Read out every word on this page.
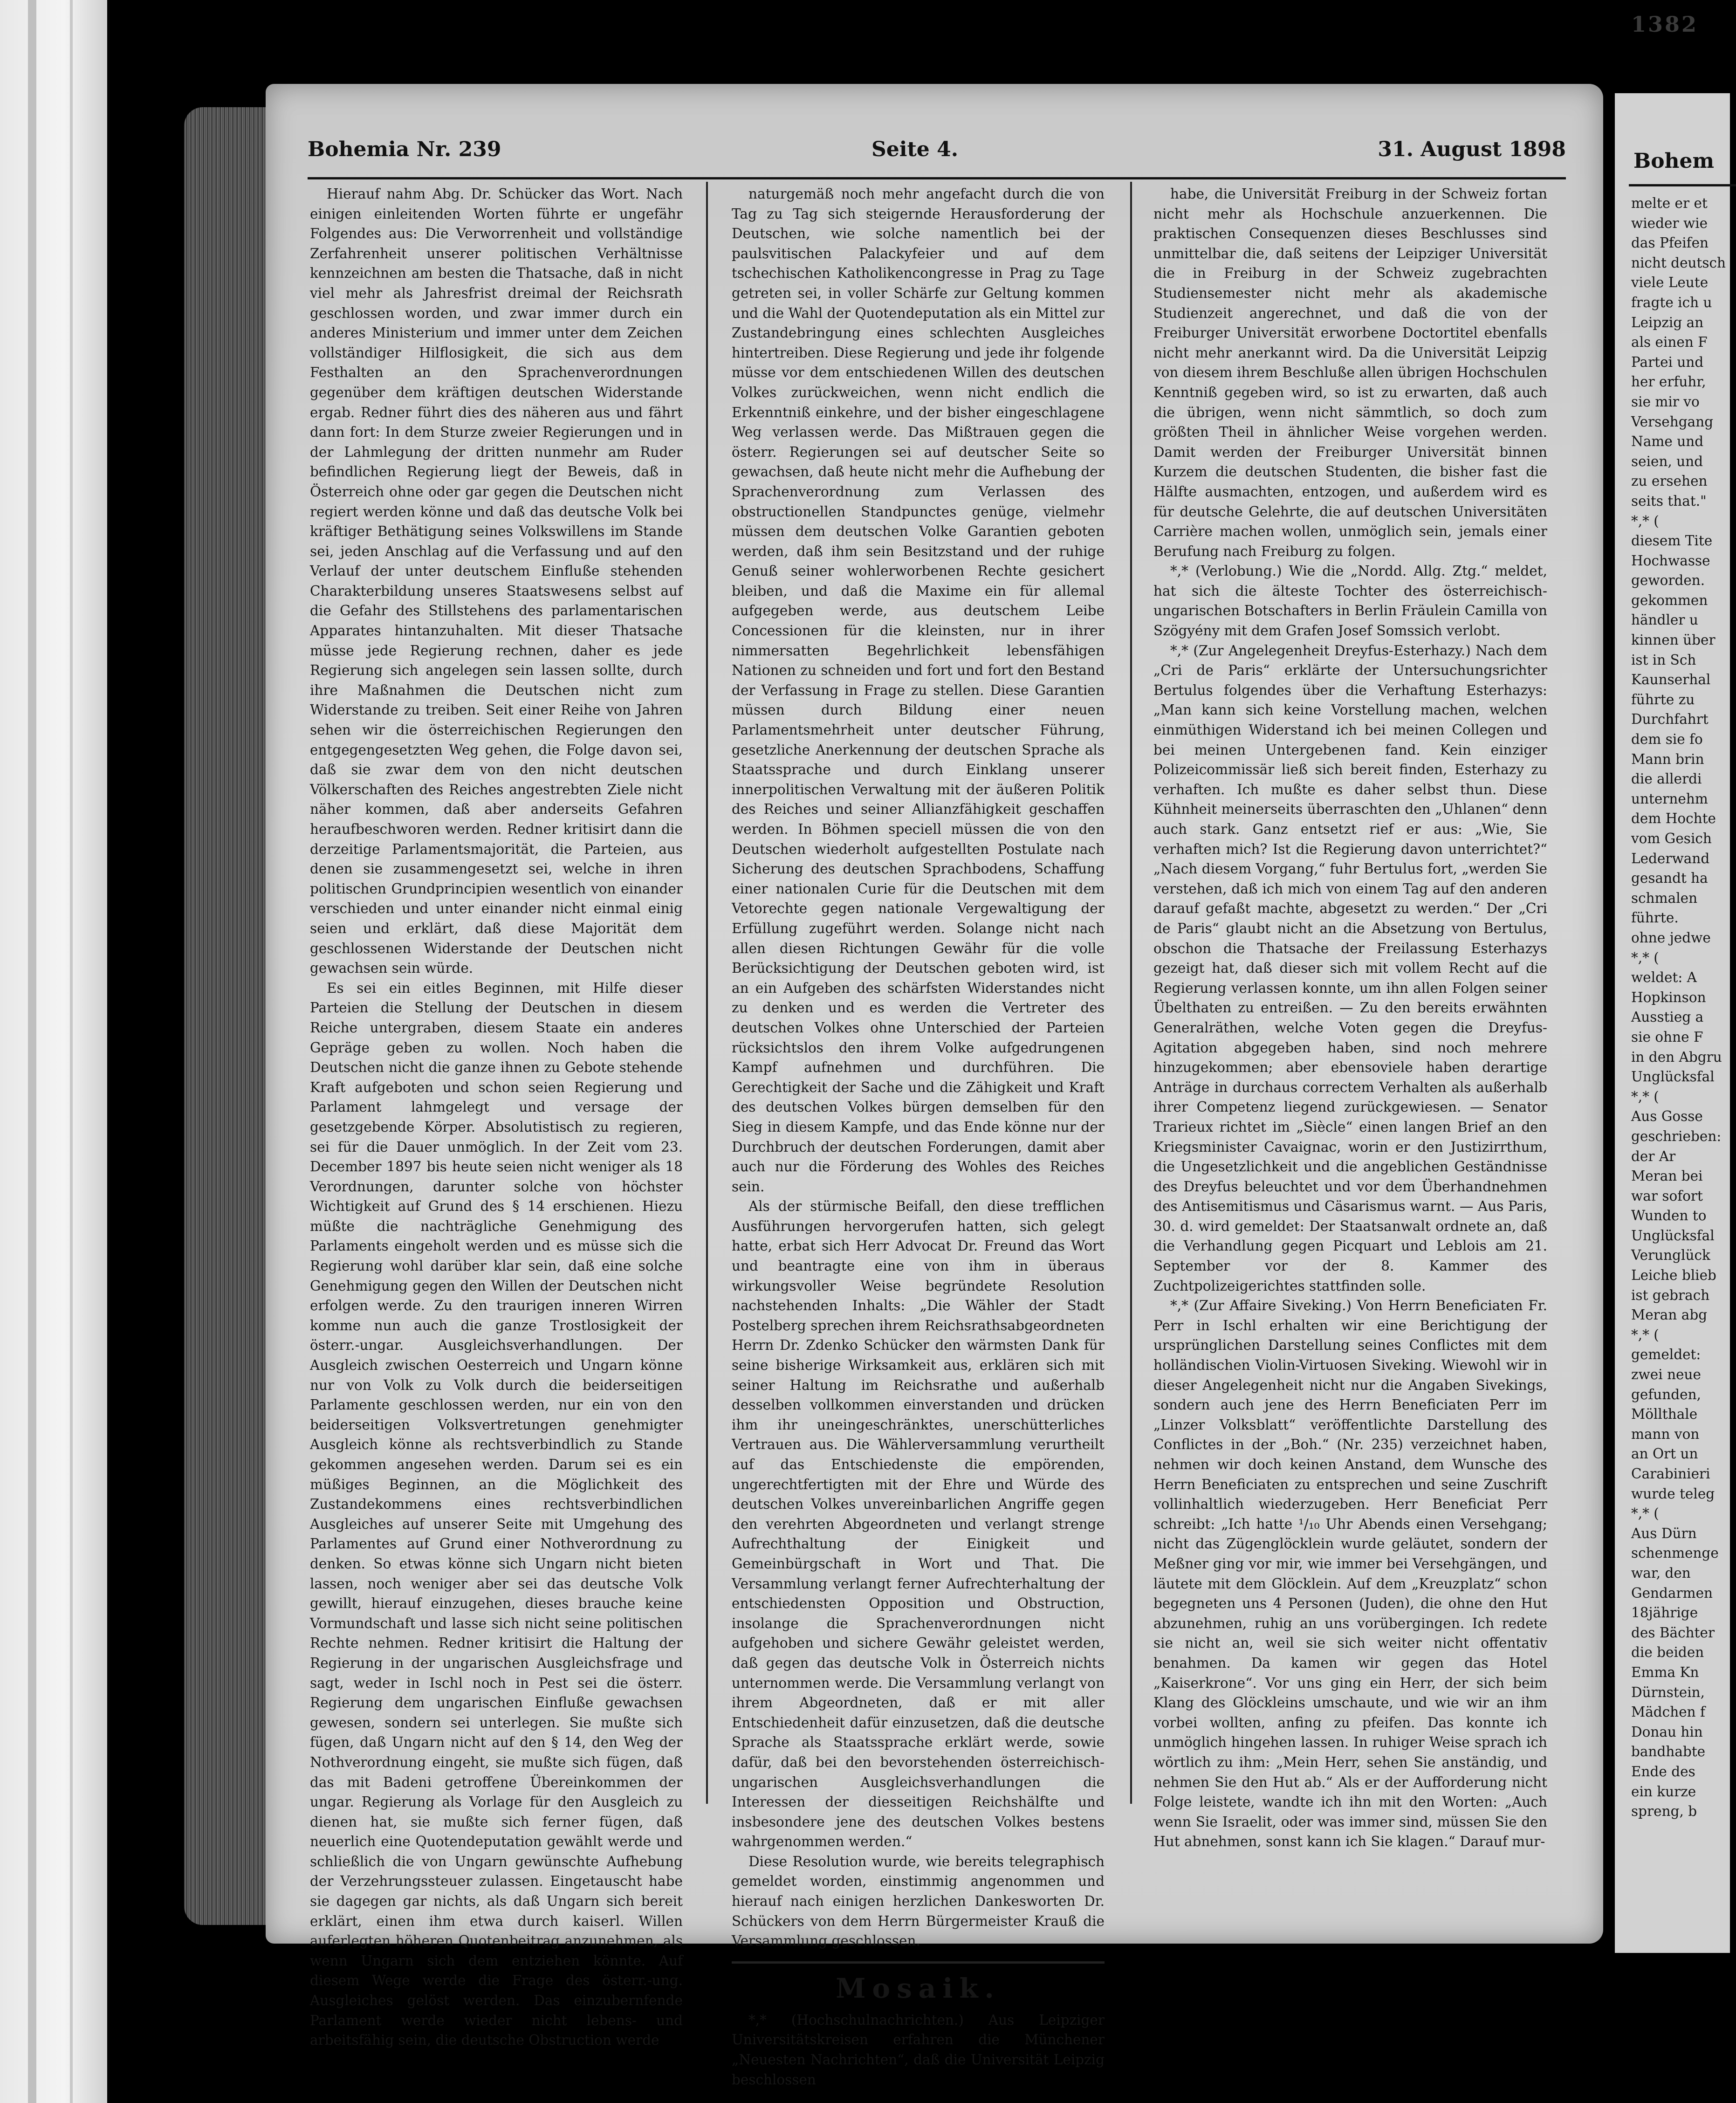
1382
Bohemia Nr. 239	Seite 4.	31. August 1898

Hierauf nahm Abg. Dr. Schücker das Wort. Nach einigen einleitenden Worten führte er ungefähr Folgendes aus: Die Verworrenheit und vollständige Zerfahrenheit unserer politischen Verhältnisse kennzeichnen am besten die Thatsache, daß in nicht viel mehr als Jahresfrist dreimal der Reichsrath geschlossen worden, und zwar immer durch ein anderes Ministerium und immer unter dem Zeichen vollständiger Hilflosigkeit, die sich aus dem Festhalten an den Sprachenverordnungen gegenüber dem kräftigen deutschen Widerstande ergab. Redner führt dies des näheren aus und fährt dann fort: In dem Sturze zweier Regierungen und in der Lahmlegung der dritten nunmehr am Ruder befindlichen Regierung liegt der Beweis, daß in Österreich ohne oder gar gegen die Deutschen nicht regiert werden könne und daß das deutsche Volk bei kräftiger Bethätigung seines Volkswillens im Stande sei, jeden Anschlag auf die Verfassung und auf den Verlauf der unter deutschem Einfluße stehenden Charakterbildung unseres Staatswesens selbst auf die Gefahr des Stillstehens des parlamentarischen Apparates hintanzuhalten. Mit dieser Thatsache müsse jede Regierung rechnen, daher es jede Regierung sich angelegen sein lassen sollte, durch ihre Maßnahmen die Deutschen nicht zum Widerstande zu treiben. Seit einer Reihe von Jahren sehen wir die österreichischen Regierungen den entgegengesetzten Weg gehen, die Folge davon sei, daß sie zwar dem von den nicht deutschen Völkerschaften des Reiches angestrebten Ziele nicht näher kommen, daß aber anderseits Gefahren heraufbeschworen werden. Redner kritisirt dann die derzeitige Parlamentsmajorität, die Parteien, aus denen sie zusammengesetzt sei, welche in ihren politischen Grundprincipien wesentlich von einander verschieden und unter einander nicht einmal einig seien und erklärt, daß diese Majorität dem geschlossenen Widerstande der Deutschen nicht gewachsen sein würde.

Es sei ein eitles Beginnen, mit Hilfe dieser Parteien die Stellung der Deutschen in diesem Reiche untergraben, diesem Staate ein anderes Gepräge geben zu wollen. Noch haben die Deutschen nicht die ganze ihnen zu Gebote stehende Kraft aufgeboten und schon seien Regierung und Parlament lahmgelegt und versage der gesetzgebende Körper. Absolutistisch zu regieren, sei für die Dauer unmöglich. In der Zeit vom 23. December 1897 bis heute seien nicht weniger als 18 Verordnungen, darunter solche von höchster Wichtigkeit auf Grund des § 14 erschienen. Hiezu müßte die nachträgliche Genehmigung des Parlaments eingeholt werden und es müsse sich die Regierung wohl darüber klar sein, daß eine solche Genehmigung gegen den Willen der Deutschen nicht erfolgen werde. Zu den traurigen inneren Wirren komme nun auch die ganze Trostlosigkeit der österr.-ungar. Ausgleichsverhandlungen. Der Ausgleich zwischen Oesterreich und Ungarn könne nur von Volk zu Volk durch die beiderseitigen Parlamente geschlossen werden, nur ein von den beiderseitigen Volksvertretungen genehmigter Ausgleich könne als rechtsverbindlich zu Stande gekommen angesehen werden. Darum sei es ein müßiges Beginnen, an die Möglichkeit des Zustandekommens eines rechtsverbindlichen Ausgleiches auf unserer Seite mit Umgehung des Parlamentes auf Grund einer Nothverordnung zu denken. So etwas könne sich Ungarn nicht bieten lassen, noch weniger aber sei das deutsche Volk gewillt, hierauf einzugehen, dieses brauche keine Vormundschaft und lasse sich nicht seine politischen Rechte nehmen. Redner kritisirt die Haltung der Regierung in der ungarischen Ausgleichsfrage und sagt, weder in Ischl noch in Pest sei die österr. Regierung dem ungarischen Einfluße gewachsen gewesen, sondern sei unterlegen. Sie mußte sich fügen, daß Ungarn nicht auf den § 14, den Weg der Nothverordnung eingeht, sie mußte sich fügen, daß das mit Badeni getroffene Übereinkommen der ungar. Regierung als Vorlage für den Ausgleich zu dienen hat, sie mußte sich ferner fügen, daß neuerlich eine Quotendeputation gewählt werde und schließlich die von Ungarn gewünschte Aufhebung der Verzehrungssteuer zulassen. Eingetauscht habe sie dagegen gar nichts, als daß Ungarn sich bereit erklärt, einen ihm etwa durch kaiserl. Willen auferlegten höheren Quotenbeitrag anzunehmen, als wenn Ungarn sich dem entziehen könnte. Auf diesem Wege werde die Frage des österr.-ung. Ausgleiches gelöst werden. Das einzubernfende Parlament werde wieder nicht lebens- und arbeitsfähig sein, die deutsche Obstruction werde

naturgemäß noch mehr angefacht durch die von Tag zu Tag sich steigernde Herausforderung der Deutschen, wie solche namentlich bei der paulsvitischen Palackyfeier und auf dem tschechischen Katholikencongresse in Prag zu Tage getreten sei, in voller Schärfe zur Geltung kommen und die Wahl der Quotendeputation als ein Mittel zur Zustandebringung eines schlechten Ausgleiches hintertreiben. Diese Regierung und jede ihr folgende müsse vor dem entschiedenen Willen des deutschen Volkes zurückweichen, wenn nicht endlich die Erkenntniß einkehre, und der bisher eingeschlagene Weg verlassen werde. Das Mißtrauen gegen die österr. Regierungen sei auf deutscher Seite so gewachsen, daß heute nicht mehr die Aufhebung der Sprachenverordnung zum Verlassen des obstructionellen Standpunctes genüge, vielmehr müssen dem deutschen Volke Garantien geboten werden, daß ihm sein Besitzstand und der ruhige Genuß seiner wohlerworbenen Rechte gesichert bleiben, und daß die Maxime ein für allemal aufgegeben werde, aus deutschem Leibe Concessionen für die kleinsten, nur in ihrer nimmersatten Begehrlichkeit lebensfähigen Nationen zu schneiden und fort und fort den Bestand der Verfassung in Frage zu stellen. Diese Garantien müssen durch Bildung einer neuen Parlamentsmehrheit unter deutscher Führung, gesetzliche Anerkennung der deutschen Sprache als Staatssprache und durch Einklang unserer innerpolitischen Verwaltung mit der äußeren Politik des Reiches und seiner Allianzfähigkeit geschaffen werden. In Böhmen speciell müssen die von den Deutschen wiederholt aufgestellten Postulate nach Sicherung des deutschen Sprachbodens, Schaffung einer nationalen Curie für die Deutschen mit dem Vetorechte gegen nationale Vergewaltigung der Erfüllung zugeführt werden. Solange nicht nach allen diesen Richtungen Gewähr für die volle Berücksichtigung der Deutschen geboten wird, ist an ein Aufgeben des schärfsten Widerstandes nicht zu denken und es werden die Vertreter des deutschen Volkes ohne Unterschied der Parteien rücksichtslos den ihrem Volke aufgedrungenen Kampf aufnehmen und durchführen. Die Gerechtigkeit der Sache und die Zähigkeit und Kraft des deutschen Volkes bürgen demselben für den Sieg in diesem Kampfe, und das Ende könne nur der Durchbruch der deutschen Forderungen, damit aber auch nur die Förderung des Wohles des Reiches sein.

Als der stürmische Beifall, den diese trefflichen Ausführungen hervorgerufen hatten, sich gelegt hatte, erbat sich Herr Advocat Dr. Freund das Wort und beantragte eine von ihm in überaus wirkungsvoller Weise begründete Resolution nachstehenden Inhalts: „Die Wähler der Stadt Postelberg sprechen ihrem Reichsrathsabgeordneten Herrn Dr. Zdenko Schücker den wärmsten Dank für seine bisherige Wirksamkeit aus, erklären sich mit seiner Haltung im Reichsrathe und außerhalb desselben vollkommen einverstanden und drücken ihm ihr uneingeschränktes, unerschütterliches Vertrauen aus. Die Wählerversammlung verurtheilt auf das Entschiedenste die empörenden, ungerechtfertigten mit der Ehre und Würde des deutschen Volkes unvereinbarlichen Angriffe gegen den verehrten Abgeordneten und verlangt strenge Aufrechthaltung der Einigkeit und Gemeinbürgschaft in Wort und That. Die Versammlung verlangt ferner Aufrechterhaltung der entschiedensten Opposition und Obstruction, insolange die Sprachenverordnungen nicht aufgehoben und sichere Gewähr geleistet werden, daß gegen das deutsche Volk in Österreich nichts unternommen werde. Die Versammlung verlangt von ihrem Abgeordneten, daß er mit aller Entschiedenheit dafür einzusetzen, daß die deutsche Sprache als Staatssprache erklärt werde, sowie dafür, daß bei den bevorstehenden österreichisch-ungarischen Ausgleichsverhandlungen die Interessen der diesseitigen Reichshälfte und insbesondere jene des deutschen Volkes bestens wahrgenommen werden.“

Diese Resolution wurde, wie bereits telegraphisch gemeldet worden, einstimmig angenommen und hierauf nach einigen herzlichen Dankesworten Dr. Schückers von dem Herrn Bürgermeister Krauß die Versammlung geschlossen.

Mosaik.

*,* (Hochschulnachrichten.) Aus Leipziger Universitätskreisen erfahren die Münchener „Neuesten Nachrichten“, daß die Universität Leipzig beschlossen

habe, die Universität Freiburg in der Schweiz fortan nicht mehr als Hochschule anzuerkennen. Die praktischen Consequenzen dieses Beschlusses sind unmittelbar die, daß seitens der Leipziger Universität die in Freiburg in der Schweiz zugebrachten Studiensemester nicht mehr als akademische Studienzeit angerechnet, und daß die von der Freiburger Universität erworbene Doctortitel ebenfalls nicht mehr anerkannt wird. Da die Universität Leipzig von diesem ihrem Beschluße allen übrigen Hochschulen Kenntniß gegeben wird, so ist zu erwarten, daß auch die übrigen, wenn nicht sämmtlich, so doch zum größten Theil in ähnlicher Weise vorgehen werden. Damit werden der Freiburger Universität binnen Kurzem die deutschen Studenten, die bisher fast die Hälfte ausmachten, entzogen, und außerdem wird es für deutsche Gelehrte, die auf deutschen Universitäten Carrière machen wollen, unmöglich sein, jemals einer Berufung nach Freiburg zu folgen.

*,* (Verlobung.) Wie die „Nordd. Allg. Ztg.“ meldet, hat sich die älteste Tochter des österreichisch-ungarischen Botschafters in Berlin Fräulein Camilla von Szögyény mit dem Grafen Josef Somssich verlobt.

*,* (Zur Angelegenheit Dreyfus-Esterhazy.) Nach dem „Cri de Paris“ erklärte der Untersuchungsrichter Bertulus folgendes über die Verhaftung Esterhazys: „Man kann sich keine Vorstellung machen, welchen einmüthigen Widerstand ich bei meinen Collegen und bei meinen Untergebenen fand. Kein einziger Polizeicommissär ließ sich bereit finden, Esterhazy zu verhaften. Ich mußte es daher selbst thun. Diese Kühnheit meinerseits überraschten den „Uhlanen“ denn auch stark. Ganz entsetzt rief er aus: „Wie, Sie verhaften mich? Ist die Regierung davon unterrichtet?“ „Nach diesem Vorgang,“ fuhr Bertulus fort, „werden Sie verstehen, daß ich mich von einem Tag auf den anderen darauf gefaßt machte, abgesetzt zu werden.“ Der „Cri de Paris“ glaubt nicht an die Absetzung von Bertulus, obschon die Thatsache der Freilassung Esterhazys gezeigt hat, daß dieser sich mit vollem Recht auf die Regierung verlassen konnte, um ihn allen Folgen seiner Übelthaten zu entreißen. — Zu den bereits erwähnten Generalräthen, welche Voten gegen die Dreyfus-Agitation abgegeben haben, sind noch mehrere hinzugekommen; aber ebensoviele haben derartige Anträge in durchaus correctem Verhalten als außerhalb ihrer Competenz liegend zurückgewiesen. — Senator Trarieux richtet im „Siècle“ einen langen Brief an den Kriegsminister Cavaignac, worin er den Justizirrthum, die Ungesetzlichkeit und die angeblichen Geständnisse des Dreyfus beleuchtet und vor dem Überhandnehmen des Antisemitismus und Cäsarismus warnt. — Aus Paris, 30. d. wird gemeldet: Der Staatsanwalt ordnete an, daß die Verhandlung gegen Picquart und Leblois am 21. September vor der 8. Kammer des Zuchtpolizeigerichtes stattfinden solle.

*,* (Zur Affaire Siveking.) Von Herrn Beneficiaten Fr. Perr in Ischl erhalten wir eine Berichtigung der ursprünglichen Darstellung seines Conflictes mit dem holländischen Violin-Virtuosen Siveking. Wiewohl wir in dieser Angelegenheit nicht nur die Angaben Sivekings, sondern auch jene des Herrn Beneficiaten Perr im „Linzer Volksblatt“ veröffentlichte Darstellung des Conflictes in der „Boh.“ (Nr. 235) verzeichnet haben, nehmen wir doch keinen Anstand, dem Wunsche des Herrn Beneficiaten zu entsprechen und seine Zuschrift vollinhaltlich wiederzugeben. Herr Beneficiat Perr schreibt: „Ich hatte ¹/₁₀ Uhr Abends einen Versehgang; nicht das Zügenglöcklein wurde geläutet, sondern der Meßner ging vor mir, wie immer bei Versehgängen, und läutete mit dem Glöcklein. Auf dem „Kreuzplatz“ schon begegneten uns 4 Personen (Juden), die ohne den Hut abzunehmen, ruhig an uns vorübergingen. Ich redete sie nicht an, weil sie sich weiter nicht offentativ benahmen. Da kamen wir gegen das Hotel „Kaiserkrone“. Vor uns ging ein Herr, der sich beim Klang des Glöckleins umschaute, und wie wir an ihm vorbei wollten, anfing zu pfeifen. Das konnte ich unmöglich hingehen lassen. In ruhiger Weise sprach ich wörtlich zu ihm: „Mein Herr, sehen Sie anständig, und nehmen Sie den Hut ab.“ Als er der Aufforderung nicht Folge leistete, wandte ich ihn mit den Worten: „Auch wenn Sie Israelit, oder was immer sind, müssen Sie den Hut abnehmen, sonst kann ich Sie klagen.“ Darauf mur-

Bohem
melte er et
wieder wie
das Pfeifen
nicht deutsch
viele Leute
fragte ich u
Leipzig an
als einen F
Partei und
her erfuhr,
sie mir vo
Versehgang
Name und
seien, und
zu ersehen
seits that."
*,* (
diesem Tite
Hochwasse
geworden.
gekommen
händler u
kinnen über
ist in Sch
Kaunserhal
führte zu
Durchfahrt
dem sie fo
Mann brin
die allerdi
unternehm
dem Hochte
vom Gesich
Lederwand
gesandt ha
schmalen
führte.
ohne jedwe
*,* (
weldet: A
Hopkinson
Ausstieg a
sie ohne F
in den Abgru
Unglücksfal
*,* (
Aus Gosse
geschrieben:
der Ar
Meran bei
war sofort
Wunden to
Unglücksfal
Verunglück
Leiche blieb
ist gebrach
Meran abg
*,* (
gemeldet:
zwei neue
gefunden,
Möllthale
mann von
an Ort un
Carabinieri
wurde teleg
*,* (
Aus Dürn
schenmenge
war, den
Gendarmen
18jährige
des Bächter
die beiden
Emma Kn
Dürnstein,
Mädchen f
Donau hin
bandhabte
Ende des
ein kurze
spreng, b
